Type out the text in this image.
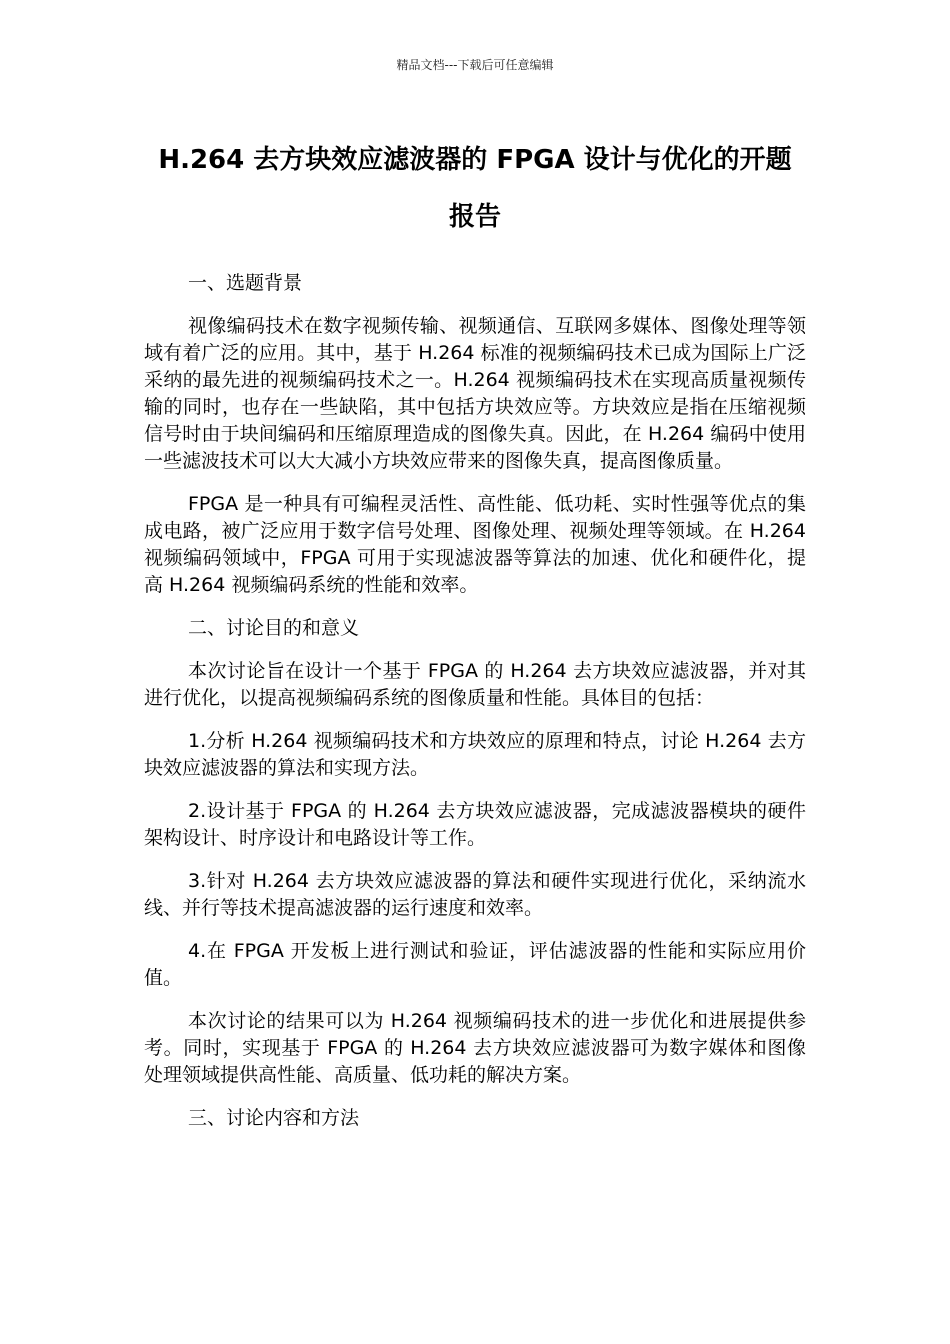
精品文档---下载后可任意编辑
H.264 去方块效应滤波器的 FPGA 设计与优化的开题
报告

一、选题背景

视像编码技术在数字视频传输、视频通信、互联网多媒体、图像处理等领域有着广泛的应用。其中，基于 H.264 标准的视频编码技术已成为国际上广泛采纳的最先进的视频编码技术之一。H.264 视频编码技术在实现高质量视频传输的同时，也存在一些缺陷，其中包括方块效应等。方块效应是指在压缩视频信号时由于块间编码和压缩原理造成的图像失真。因此，在 H.264 编码中使用一些滤波技术可以大大减小方块效应带来的图像失真，提高图像质量。

FPGA 是一种具有可编程灵活性、高性能、低功耗、实时性强等优点的集成电路，被广泛应用于数字信号处理、图像处理、视频处理等领域。在 H.264 视频编码领域中，FPGA 可用于实现滤波器等算法的加速、优化和硬件化，提高 H.264 视频编码系统的性能和效率。

二、讨论目的和意义

本次讨论旨在设计一个基于 FPGA 的 H.264 去方块效应滤波器，并对其进行优化，以提高视频编码系统的图像质量和性能。具体目的包括：

1.分析 H.264 视频编码技术和方块效应的原理和特点，讨论 H.264 去方块效应滤波器的算法和实现方法。

2.设计基于 FPGA 的 H.264 去方块效应滤波器，完成滤波器模块的硬件架构设计、时序设计和电路设计等工作。

3.针对 H.264 去方块效应滤波器的算法和硬件实现进行优化，采纳流水线、并行等技术提高滤波器的运行速度和效率。

4.在 FPGA 开发板上进行测试和验证，评估滤波器的性能和实际应用价值。

本次讨论的结果可以为 H.264 视频编码技术的进一步优化和进展提供参考。同时，实现基于 FPGA 的 H.264 去方块效应滤波器可为数字媒体和图像处理领域提供高性能、高质量、低功耗的解决方案。

三、讨论内容和方法
